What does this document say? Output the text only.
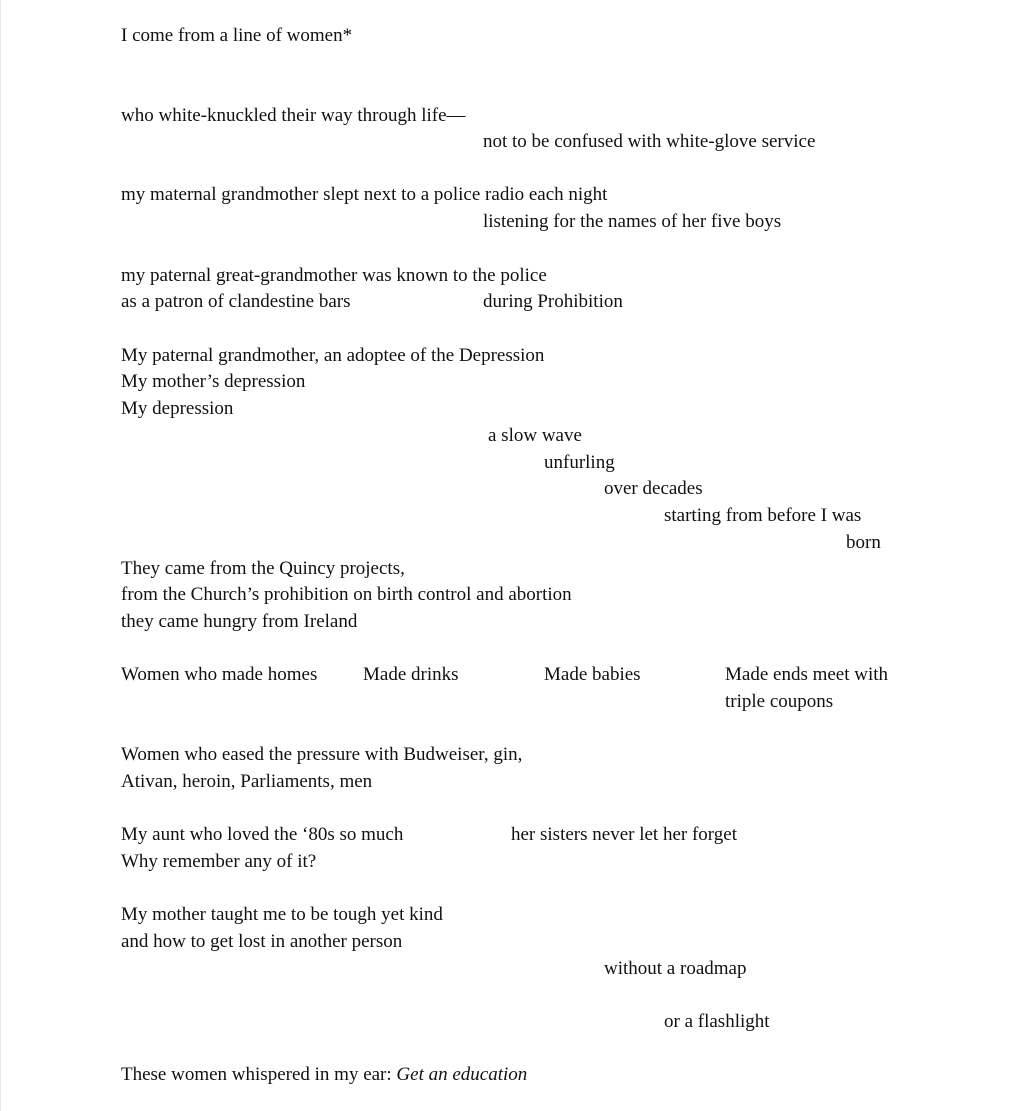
I come from a line of women*

who white-knuckled their way through life—

not to be confused with white-glove service

my maternal grandmother slept next to a police radio each night

listening for the names of her five boys

my paternal great-grandmother was known to the police

as a patron of clandestine bars	during Prohibition

My paternal grandmother, an adoptee of the Depression

My mother’s depression

My depression

a slow wave

unfurling

over decades

starting from before I was

born

They came from the Quincy projects,

from the Church’s prohibition on birth control and abortion

they came hungry from Ireland

Women who made homes Made drinks	Made babies	Made ends meet with

triple coupons

Women who eased the pressure with Budweiser, gin,

Ativan, heroin, Parliaments, men

My aunt who loved the ‘80s so much	her sisters never let her forget

Why remember any of it?

My mother taught me to be tough yet kind

and how to get lost in another person

without a roadmap

or a flashlight

These women whispered in my ear: Get an education
